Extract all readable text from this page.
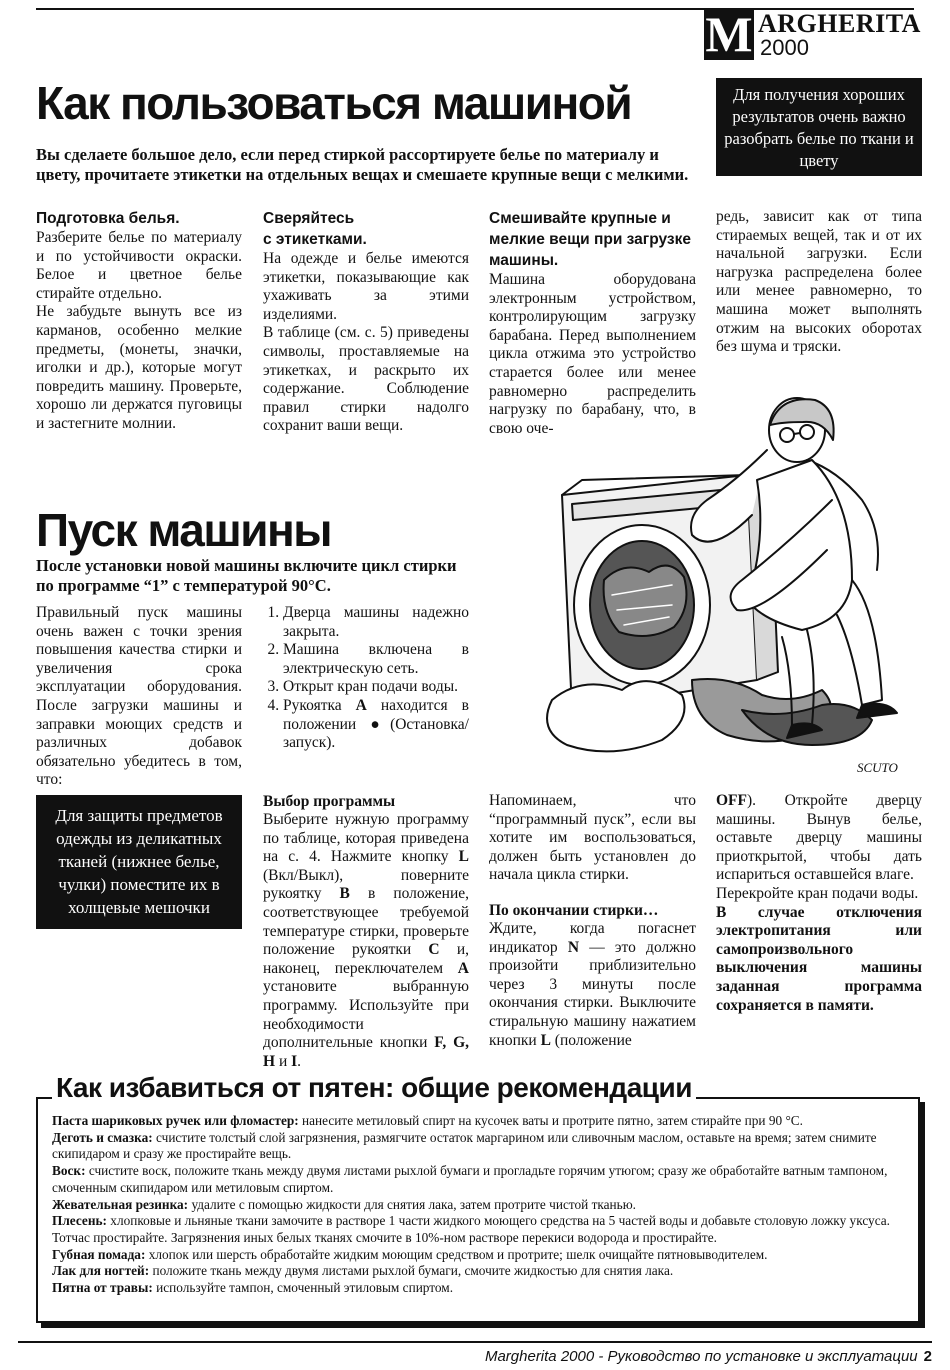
M ARGHERITA
2000
Как пользоваться машиной	Для получения хороших результатов очень важно разобрать белье по ткани и цвету
Вы сделаете большое дело, если перед стиркой рассортируете белье по материалу и цвету, прочитаете этикетки на отдельных вещах и смешаете крупные вещи с мелкими.
Подготовка белья.

Разберите белье по материалу и по устойчивости окраски. Белое и цветное белье стирайте отдельно.

Не забудьте вынуть все из карманов, особенно мелкие предметы, (монеты, значки, иголки и др.), которые могут повредить машину. Проверьте, хорошо ли держатся пуговицы и застегните молнии.

Сверяйтесь
с этикетками.

На одежде и белье имеются этикетки, показывающие как ухаживать за этими изделиями.

В таблице (см. с. 5) приведены символы, проставляемые на этикетках, и раскрыто их содержание. Соблюдение правил стирки надолго сохранит ваши вещи.

Смешивайте крупные и мелкие вещи при загрузке машины.

Машина оборудована электронным устройством, контролирующим загрузку барабана. Перед выполнением цикла отжима это устройство старается более или менее равномерно распределить нагрузку по барабану, что, в свою оче-

редь, зависит как от типа стираемых вещей, так и от их начальной загрузки. Если нагрузка распределена более или менее равномерно, то машина может выполнять отжим на высоких оборотах без шума и тряски.

SCUTO
Пуск машины
После установки новой машины включите цикл стирки по программе “1” с температурой 90°C.

Правильный пуск машины очень важен с точки зрения повышения качества стирки и увеличения срока эксплуатации оборудования. После загрузки машины и заправки моющих средств и различных добавок обязательно убедитесь в том, что:

1. Дверца машины надежно закрыта.
2. Машина включена в электрическую сеть.
3. Открыт кран подачи воды.
4. Рукоятка A находится в положении ●(Остановка/запуск).
Для защиты предметов одежды из деликатных тканей (нижнее белье, чулки) поместите их в холщевые мешочки
Выбор программы

Выберите нужную программу по таблице, которая приведена на с. 4. Нажмите кнопку L (Вкл/Выкл), поверните рукоятку B в положение, соответствующее требуемой температуре стирки, проверьте положение рукоятки C и, наконец, переключателем A установите выбранную программу. Используйте при необходимости дополнительные кнопки F, G, H и I.

Напоминаем, что “программный пуск”, если вы хотите им воспользоваться, должен быть установлен до начала цикла стирки.

По окончании стирки…

Ждите, когда погаснет индикатор N — это должно произойти приблизительно через 3 минуты после окончания стирки. Выключите стиральную машину нажатием кнопки L (положение

OFF). Откройте дверцу машины. Вынув белье, оставьте дверцу машины приоткрытой, чтобы дать испариться оставшейся влаге.

Перекройте кран подачи воды.

В случае отключения электропитания или самопроизвольного выключения машины заданная программа сохраняется в памяти.

Паста шариковых ручек или фломастер: нанесите метиловый спирт на кусочек ваты и протрите пятно, затем стирайте при 90 °C.

Деготь и смазка: счистите толстый слой загрязнения, размягчите остаток маргарином или сливочным маслом, оставьте на время; затем снимите скипидаром и сразу же простирайте вещь.

Воск: счистите воск, положите ткань между двумя листами рыхлой бумаги и прогладьте горячим утюгом; сразу же обработайте ватным тампоном, смоченным скипидаром или метиловым спиртом.

Жевательная резинка: удалите с помощью жидкости для снятия лака, затем протрите чистой тканью.

Плесень: хлопковые и льняные ткани замочите в растворе 1 части жидкого моющего средства на 5 частей воды и добавьте столовую ложку уксуса. Тотчас простирайте. Загрязнения иных белых тканях смочите в 10%-ном растворе перекиси водорода и простирайте.

Губная помада: хлопок или шерсть обработайте жидким моющим средством и протрите; шелк очищайте пятновыводителем.

Лак для ногтей: положите ткань между двумя листами рыхлой бумаги, смочите жидкостью для снятия лака.

Пятна от травы: используйте тампон, смоченный этиловым спиртом.

Как избавиться от пятен: общие рекомендации
Margherita 2000 - Руководство по установке и эксплуатации 2
